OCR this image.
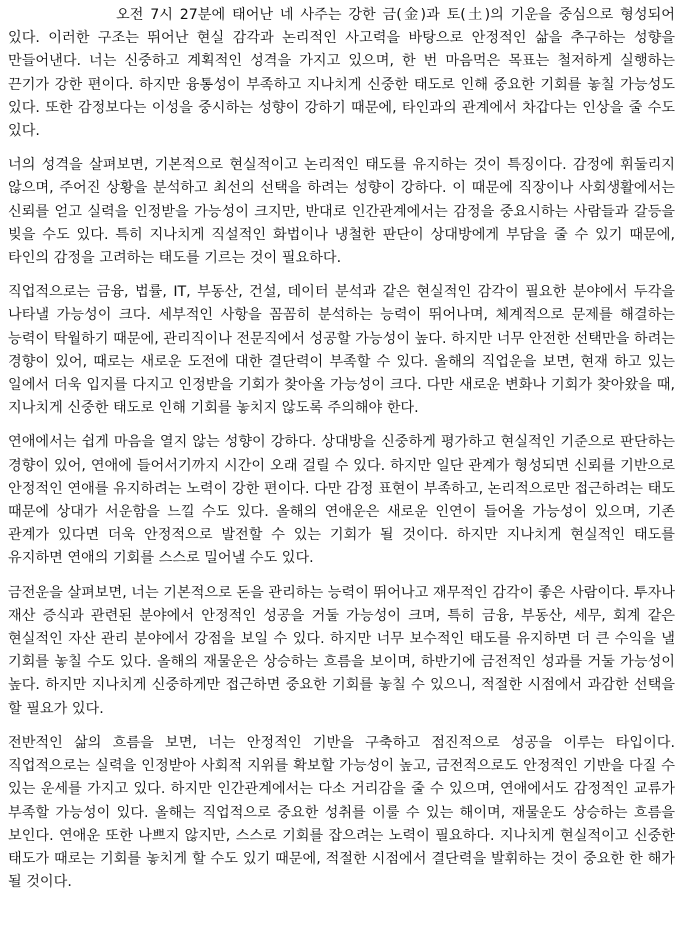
오전 7시 27분에 태어난 네 사주는 강한 금(金)과 토(土)의 기운을 중심으로 형성되어 있다. 이러한 구조는 뛰어난 현실 감각과 논리적인 사고력을 바탕으로 안정적인 삶을 추구하는 성향을 만들어낸다. 너는 신중하고 계획적인 성격을 가지고 있으며, 한 번 마음먹은 목표는 철저하게 실행하는 끈기가 강한 편이다. 하지만 융통성이 부족하고 지나치게 신중한 태도로 인해 중요한 기회를 놓칠 가능성도 있다. 또한 감정보다는 이성을 중시하는 성향이 강하기 때문에, 타인과의 관계에서 차갑다는 인상을 줄 수도 있다.

너의 성격을 살펴보면, 기본적으로 현실적이고 논리적인 태도를 유지하는 것이 특징이다. 감정에 휘둘리지 않으며, 주어진 상황을 분석하고 최선의 선택을 하려는 성향이 강하다. 이 때문에 직장이나 사회생활에서는 신뢰를 얻고 실력을 인정받을 가능성이 크지만, 반대로 인간관계에서는 감정을 중요시하는 사람들과 갈등을 빚을 수도 있다. 특히 지나치게 직설적인 화법이나 냉철한 판단이 상대방에게 부담을 줄 수 있기 때문에, 타인의 감정을 고려하는 태도를 기르는 것이 필요하다.

직업적으로는 금융, 법률, IT, 부동산, 건설, 데이터 분석과 같은 현실적인 감각이 필요한 분야에서 두각을 나타낼 가능성이 크다. 세부적인 사항을 꼼꼼히 분석하는 능력이 뛰어나며, 체계적으로 문제를 해결하는 능력이 탁월하기 때문에, 관리직이나 전문직에서 성공할 가능성이 높다. 하지만 너무 안전한 선택만을 하려는 경향이 있어, 때로는 새로운 도전에 대한 결단력이 부족할 수 있다. 올해의 직업운을 보면, 현재 하고 있는 일에서 더욱 입지를 다지고 인정받을 기회가 찾아올 가능성이 크다. 다만 새로운 변화나 기회가 찾아왔을 때, 지나치게 신중한 태도로 인해 기회를 놓치지 않도록 주의해야 한다.

연애에서는 쉽게 마음을 열지 않는 성향이 강하다. 상대방을 신중하게 평가하고 현실적인 기준으로 판단하는 경향이 있어, 연애에 들어서기까지 시간이 오래 걸릴 수 있다. 하지만 일단 관계가 형성되면 신뢰를 기반으로 안정적인 연애를 유지하려는 노력이 강한 편이다. 다만 감정 표현이 부족하고, 논리적으로만 접근하려는 태도 때문에 상대가 서운함을 느낄 수도 있다. 올해의 연애운은 새로운 인연이 들어올 가능성이 있으며, 기존 관계가 있다면 더욱 안정적으로 발전할 수 있는 기회가 될 것이다. 하지만 지나치게 현실적인 태도를 유지하면 연애의 기회를 스스로 밀어낼 수도 있다.

금전운을 살펴보면, 너는 기본적으로 돈을 관리하는 능력이 뛰어나고 재무적인 감각이 좋은 사람이다. 투자나 재산 증식과 관련된 분야에서 안정적인 성공을 거둘 가능성이 크며, 특히 금융, 부동산, 세무, 회계 같은 현실적인 자산 관리 분야에서 강점을 보일 수 있다. 하지만 너무 보수적인 태도를 유지하면 더 큰 수익을 낼 기회를 놓칠 수도 있다. 올해의 재물운은 상승하는 흐름을 보이며, 하반기에 금전적인 성과를 거둘 가능성이 높다. 하지만 지나치게 신중하게만 접근하면 중요한 기회를 놓칠 수 있으니, 적절한 시점에서 과감한 선택을 할 필요가 있다.

전반적인 삶의 흐름을 보면, 너는 안정적인 기반을 구축하고 점진적으로 성공을 이루는 타입이다. 직업적으로는 실력을 인정받아 사회적 지위를 확보할 가능성이 높고, 금전적으로도 안정적인 기반을 다질 수 있는 운세를 가지고 있다. 하지만 인간관계에서는 다소 거리감을 줄 수 있으며, 연애에서도 감정적인 교류가 부족할 가능성이 있다. 올해는 직업적으로 중요한 성취를 이룰 수 있는 해이며, 재물운도 상승하는 흐름을 보인다. 연애운 또한 나쁘지 않지만, 스스로 기회를 잡으려는 노력이 필요하다. 지나치게 현실적이고 신중한 태도가 때로는 기회를 놓치게 할 수도 있기 때문에, 적절한 시점에서 결단력을 발휘하는 것이 중요한 한 해가 될 것이다.
